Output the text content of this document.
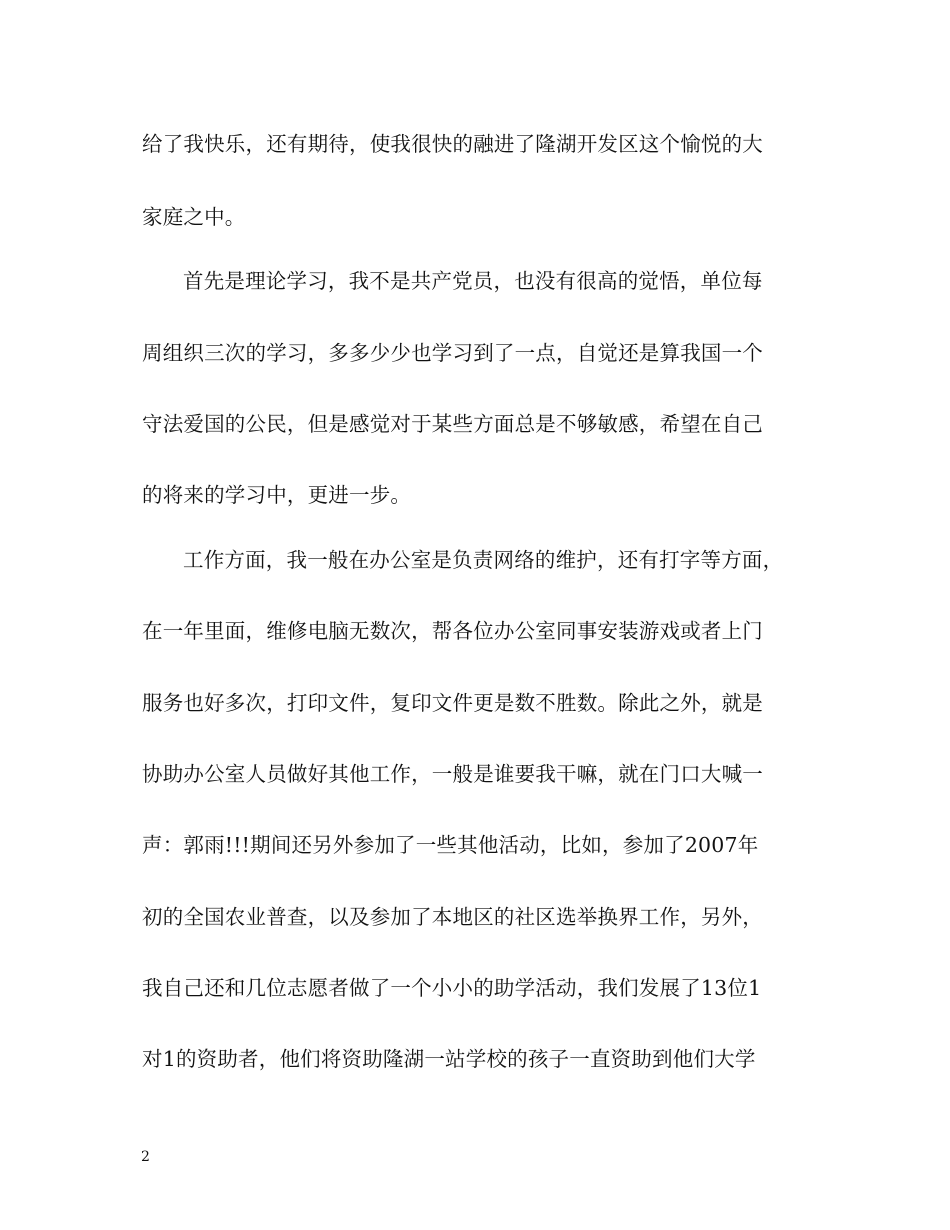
给了我快乐，还有期待，使我很快的融进了隆湖开发区这个愉悦的大
家庭之中。
首先是理论学习，我不是共产党员，也没有很高的觉悟，单位每
周组织三次的学习，多多少少也学习到了一点，自觉还是算我国一个
守法爱国的公民，但是感觉对于某些方面总是不够敏感，希望在自己
的将来的学习中，更进一步。
工作方面，我一般在办公室是负责网络的维护，还有打字等方面，
在一年里面，维修电脑无数次，帮各位办公室同事安装游戏或者上门
服务也好多次，打印文件，复印文件更是数不胜数。除此之外，就是
协助办公室人员做好其他工作，一般是谁要我干嘛，就在门口大喊一
声：郭雨!!!期间还另外参加了一些其他活动，比如，参加了2007年
初的全国农业普查，以及参加了本地区的社区选举换界工作，另外，
我自己还和几位志愿者做了一个小小的助学活动，我们发展了13位1
对1的资助者，他们将资助隆湖一站学校的孩子一直资助到他们大学
2
